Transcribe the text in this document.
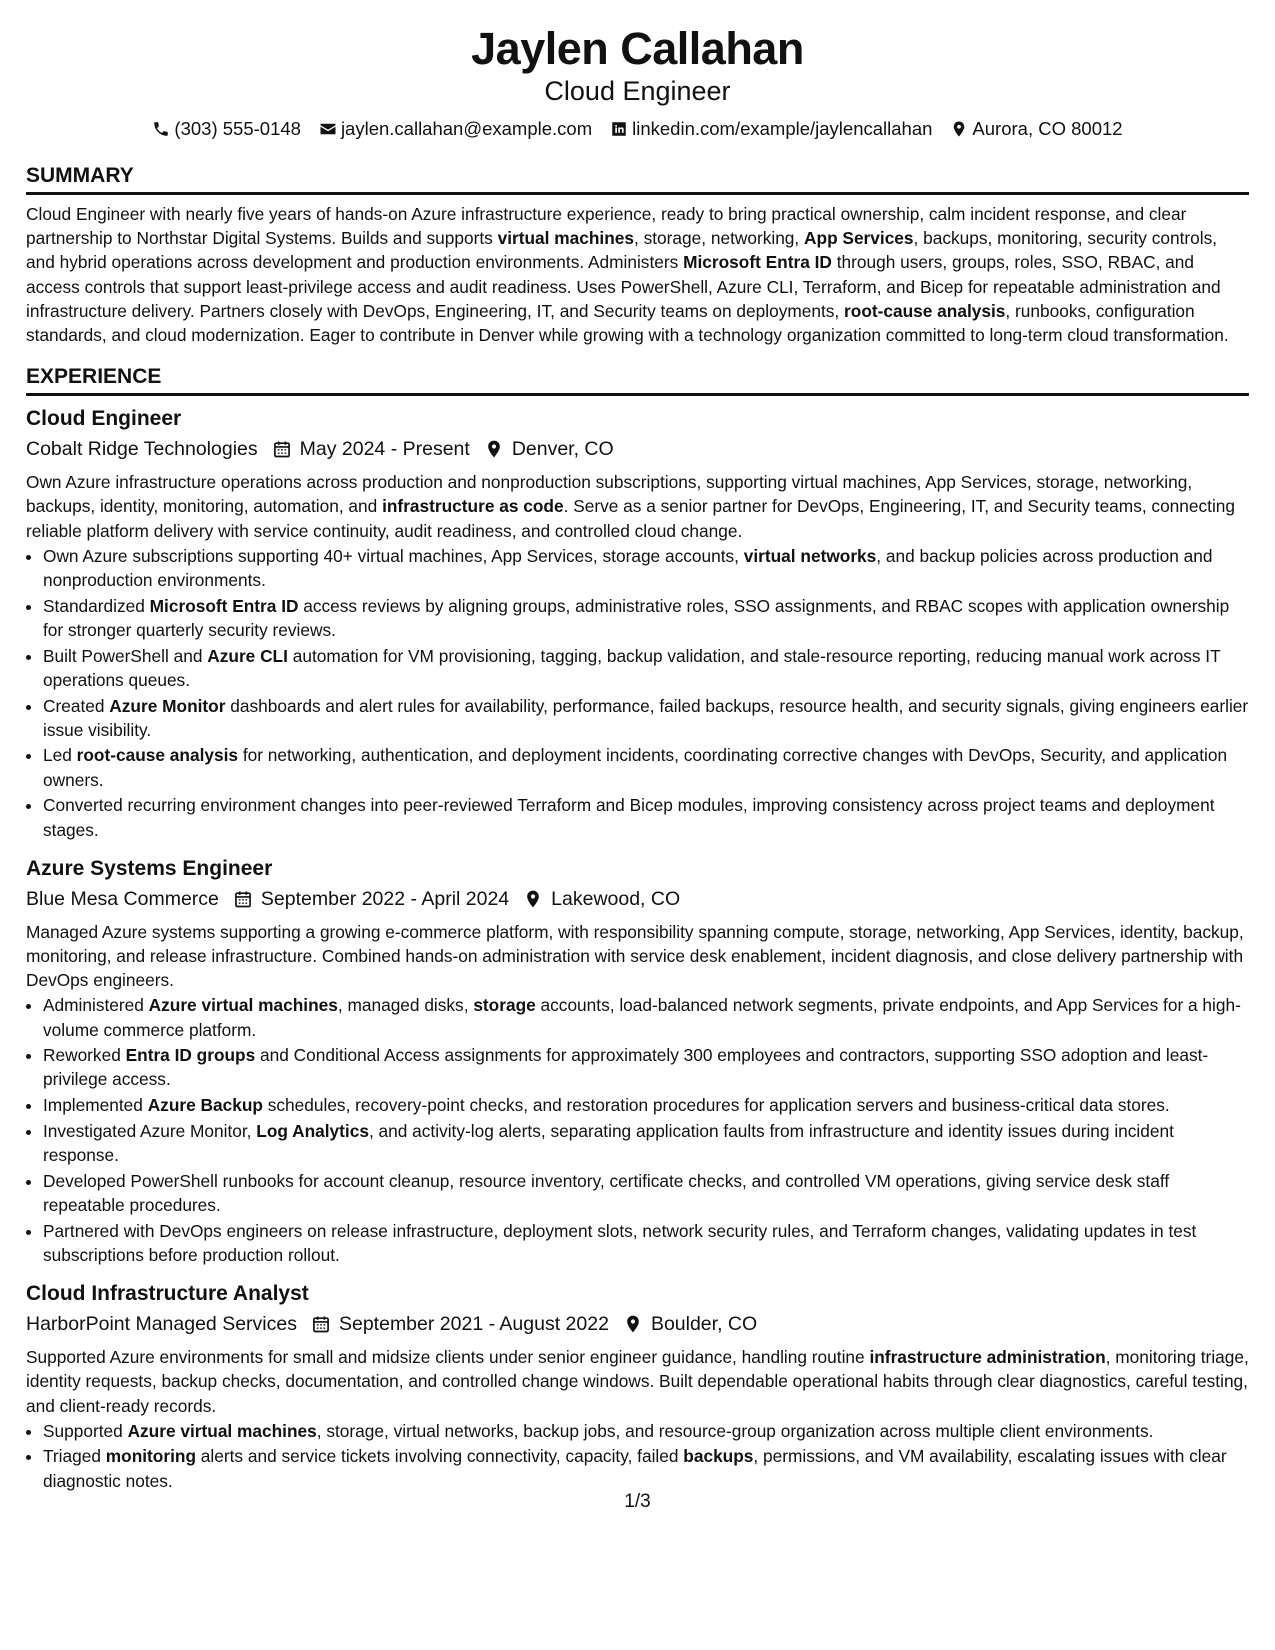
Jaylen Callahan
Cloud Engineer
(303) 555-0148 jaylen.callahan@example.com linkedin.com/example/jaylencallahan Aurora, CO 80012
SUMMARY
Cloud Engineer with nearly five years of hands-on Azure infrastructure experience, ready to bring practical ownership, calm incident response, and clear partnership to Northstar Digital Systems. Builds and supports virtual machines, storage, networking, App Services, backups, monitoring, security controls, and hybrid operations across development and production environments. Administers Microsoft Entra ID through users, groups, roles, SSO, RBAC, and access controls that support least-privilege access and audit readiness. Uses PowerShell, Azure CLI, Terraform, and Bicep for repeatable administration and infrastructure delivery. Partners closely with DevOps, Engineering, IT, and Security teams on deployments, root-cause analysis, runbooks, configuration standards, and cloud modernization. Eager to contribute in Denver while growing with a technology organization committed to long-term cloud transformation.
EXPERIENCE
Cloud Engineer
Cobalt Ridge Technologies May 2024 - Present Denver, CO
Own Azure infrastructure operations across production and nonproduction subscriptions, supporting virtual machines, App Services, storage, networking, backups, identity, monitoring, automation, and infrastructure as code. Serve as a senior partner for DevOps, Engineering, IT, and Security teams, connecting reliable platform delivery with service continuity, audit readiness, and controlled cloud change.
• Own Azure subscriptions supporting 40+ virtual machines, App Services, storage accounts, virtual networks, and backup policies across production and nonproduction environments.
• Standardized Microsoft Entra ID access reviews by aligning groups, administrative roles, SSO assignments, and RBAC scopes with application ownership for stronger quarterly security reviews.
• Built PowerShell and Azure CLI automation for VM provisioning, tagging, backup validation, and stale-resource reporting, reducing manual work across IT operations queues.
• Created Azure Monitor dashboards and alert rules for availability, performance, failed backups, resource health, and security signals, giving engineers earlier issue visibility.
• Led root-cause analysis for networking, authentication, and deployment incidents, coordinating corrective changes with DevOps, Security, and application owners.
• Converted recurring environment changes into peer-reviewed Terraform and Bicep modules, improving consistency across project teams and deployment stages.
Azure Systems Engineer
Blue Mesa Commerce September 2022 - April 2024 Lakewood, CO
Managed Azure systems supporting a growing e-commerce platform, with responsibility spanning compute, storage, networking, App Services, identity, backup, monitoring, and release infrastructure. Combined hands-on administration with service desk enablement, incident diagnosis, and close delivery partnership with DevOps engineers.
• Administered Azure virtual machines, managed disks, storage accounts, load-balanced network segments, private endpoints, and App Services for a high-volume commerce platform.
• Reworked Entra ID groups and Conditional Access assignments for approximately 300 employees and contractors, supporting SSO adoption and least-privilege access.
• Implemented Azure Backup schedules, recovery-point checks, and restoration procedures for application servers and business-critical data stores.
• Investigated Azure Monitor, Log Analytics, and activity-log alerts, separating application faults from infrastructure and identity issues during incident response.
• Developed PowerShell runbooks for account cleanup, resource inventory, certificate checks, and controlled VM operations, giving service desk staff repeatable procedures.
• Partnered with DevOps engineers on release infrastructure, deployment slots, network security rules, and Terraform changes, validating updates in test subscriptions before production rollout.
Cloud Infrastructure Analyst
HarborPoint Managed Services September 2021 - August 2022 Boulder, CO
Supported Azure environments for small and midsize clients under senior engineer guidance, handling routine infrastructure administration, monitoring triage, identity requests, backup checks, documentation, and controlled change windows. Built dependable operational habits through clear diagnostics, careful testing, and client-ready records.
• Supported Azure virtual machines, storage, virtual networks, backup jobs, and resource-group organization across multiple client environments.
• Triaged monitoring alerts and service tickets involving connectivity, capacity, failed backups, permissions, and VM availability, escalating issues with clear diagnostic notes.
1/3
